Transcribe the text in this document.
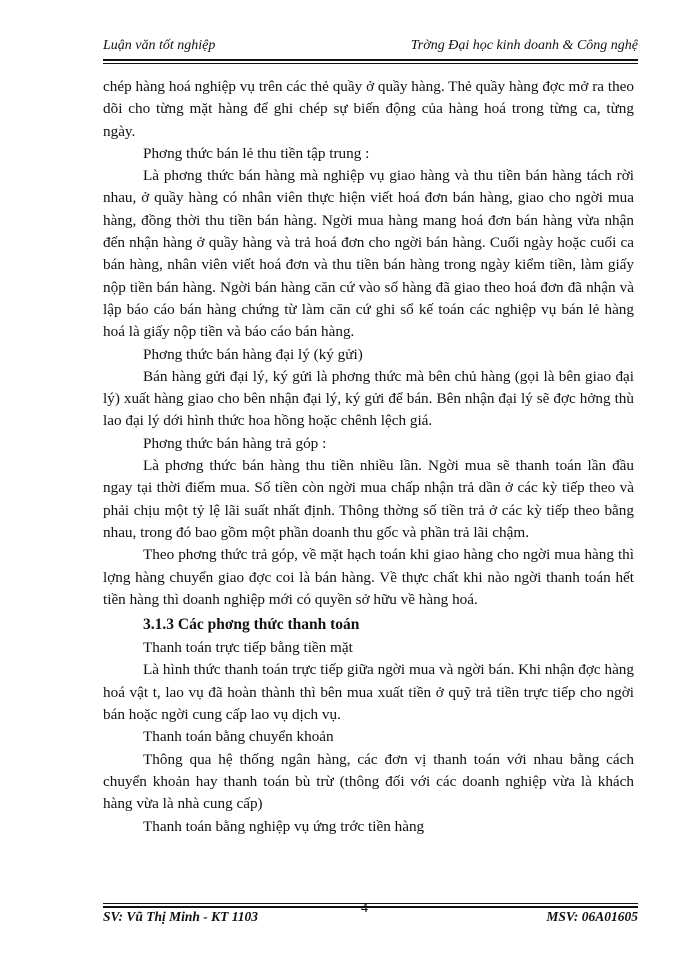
Luận văn tốt nghiệp	Trờng Đại học kinh doanh & Công nghệ

chép hàng hoá nghiệp vụ trên các thẻ quầy ở quầy hàng. Thẻ quầy hàng đợc mở ra theo dõi cho từng mặt hàng để ghi chép sự biến động của hàng hoá trong từng ca, từng ngày.

Phơng thức bán lẻ thu tiền tập trung :

Là phơng thức bán hàng mà nghiệp vụ giao hàng và thu tiền bán hàng tách rời nhau, ở quầy hàng có nhân viên thực hiện viết hoá đơn bán hàng, giao cho ngời mua hàng, đồng thời thu tiền bán hàng. Ngời mua hàng mang hoá đơn bán hàng vừa nhận đến nhận hàng ở quầy hàng và trả hoá đơn cho ngời bán hàng. Cuối ngày hoặc cuối ca bán hàng, nhân viên viết hoá đơn và thu tiền bán hàng trong ngày kiểm tiền, làm giấy nộp tiền bán hàng. Ngời bán hàng căn cứ vào số hàng đã giao theo hoá đơn đã nhận và lập báo cáo bán hàng chứng từ làm căn cứ ghi sổ kế toán các nghiệp vụ bán lẻ hàng hoá là giấy nộp tiền và báo cáo bán hàng.

Phơng thức bán hàng đại lý (ký gửi)

Bán hàng gửi đại lý, ký gửi là phơng thức mà bên chủ hàng (gọi là bên giao đại lý) xuất hàng giao cho bên nhận đại lý, ký gửi để bán. Bên nhận đại lý sẽ đợc hởng thù lao đại lý dới hình thức hoa hồng hoặc chênh lệch giá.

Phơng thức bán hàng trả góp :

Là phơng thức bán hàng thu tiền nhiều lần. Ngời mua sẽ thanh toán lần đầu ngay tại thời điểm mua. Số tiền còn ngời mua chấp nhận trả dần ở các kỳ tiếp theo và phải chịu một tỷ lệ lãi suất nhất định. Thông thờng số tiền trả ở các kỳ tiếp theo bằng nhau, trong đó bao gồm một phần doanh thu gốc và phần trả lãi chậm.

Theo phơng thức trả góp, về mặt hạch toán khi giao hàng cho ngời mua hàng thì lợng hàng chuyển giao đợc coi là bán hàng. Về thực chất khi nào ngời thanh toán hết tiền hàng thì doanh nghiệp mới có quyền sở hữu về hàng hoá.

3.1.3 Các phơng thức thanh toán

Thanh toán trực tiếp bằng tiền mặt

Là hình thức thanh toán trực tiếp giữa ngời mua và ngời bán. Khi nhận đợc hàng hoá vật t, lao vụ đã hoàn thành thì bên mua xuất tiền ở quỹ trả tiền trực tiếp cho ngời bán hoặc ngời cung cấp lao vụ dịch vụ.

Thanh toán bằng chuyển khoản

Thông qua hệ thống ngân hàng, các đơn vị thanh toán với nhau bằng cách chuyển khoản hay thanh toán bù trừ (thông đối với các doanh nghiệp vừa là khách hàng vừa là nhà cung cấp)

Thanh toán bằng nghiệp vụ ứng trớc tiền hàng

SV: Vũ Thị Minh - KT 1103
4
MSV: 06A01605
